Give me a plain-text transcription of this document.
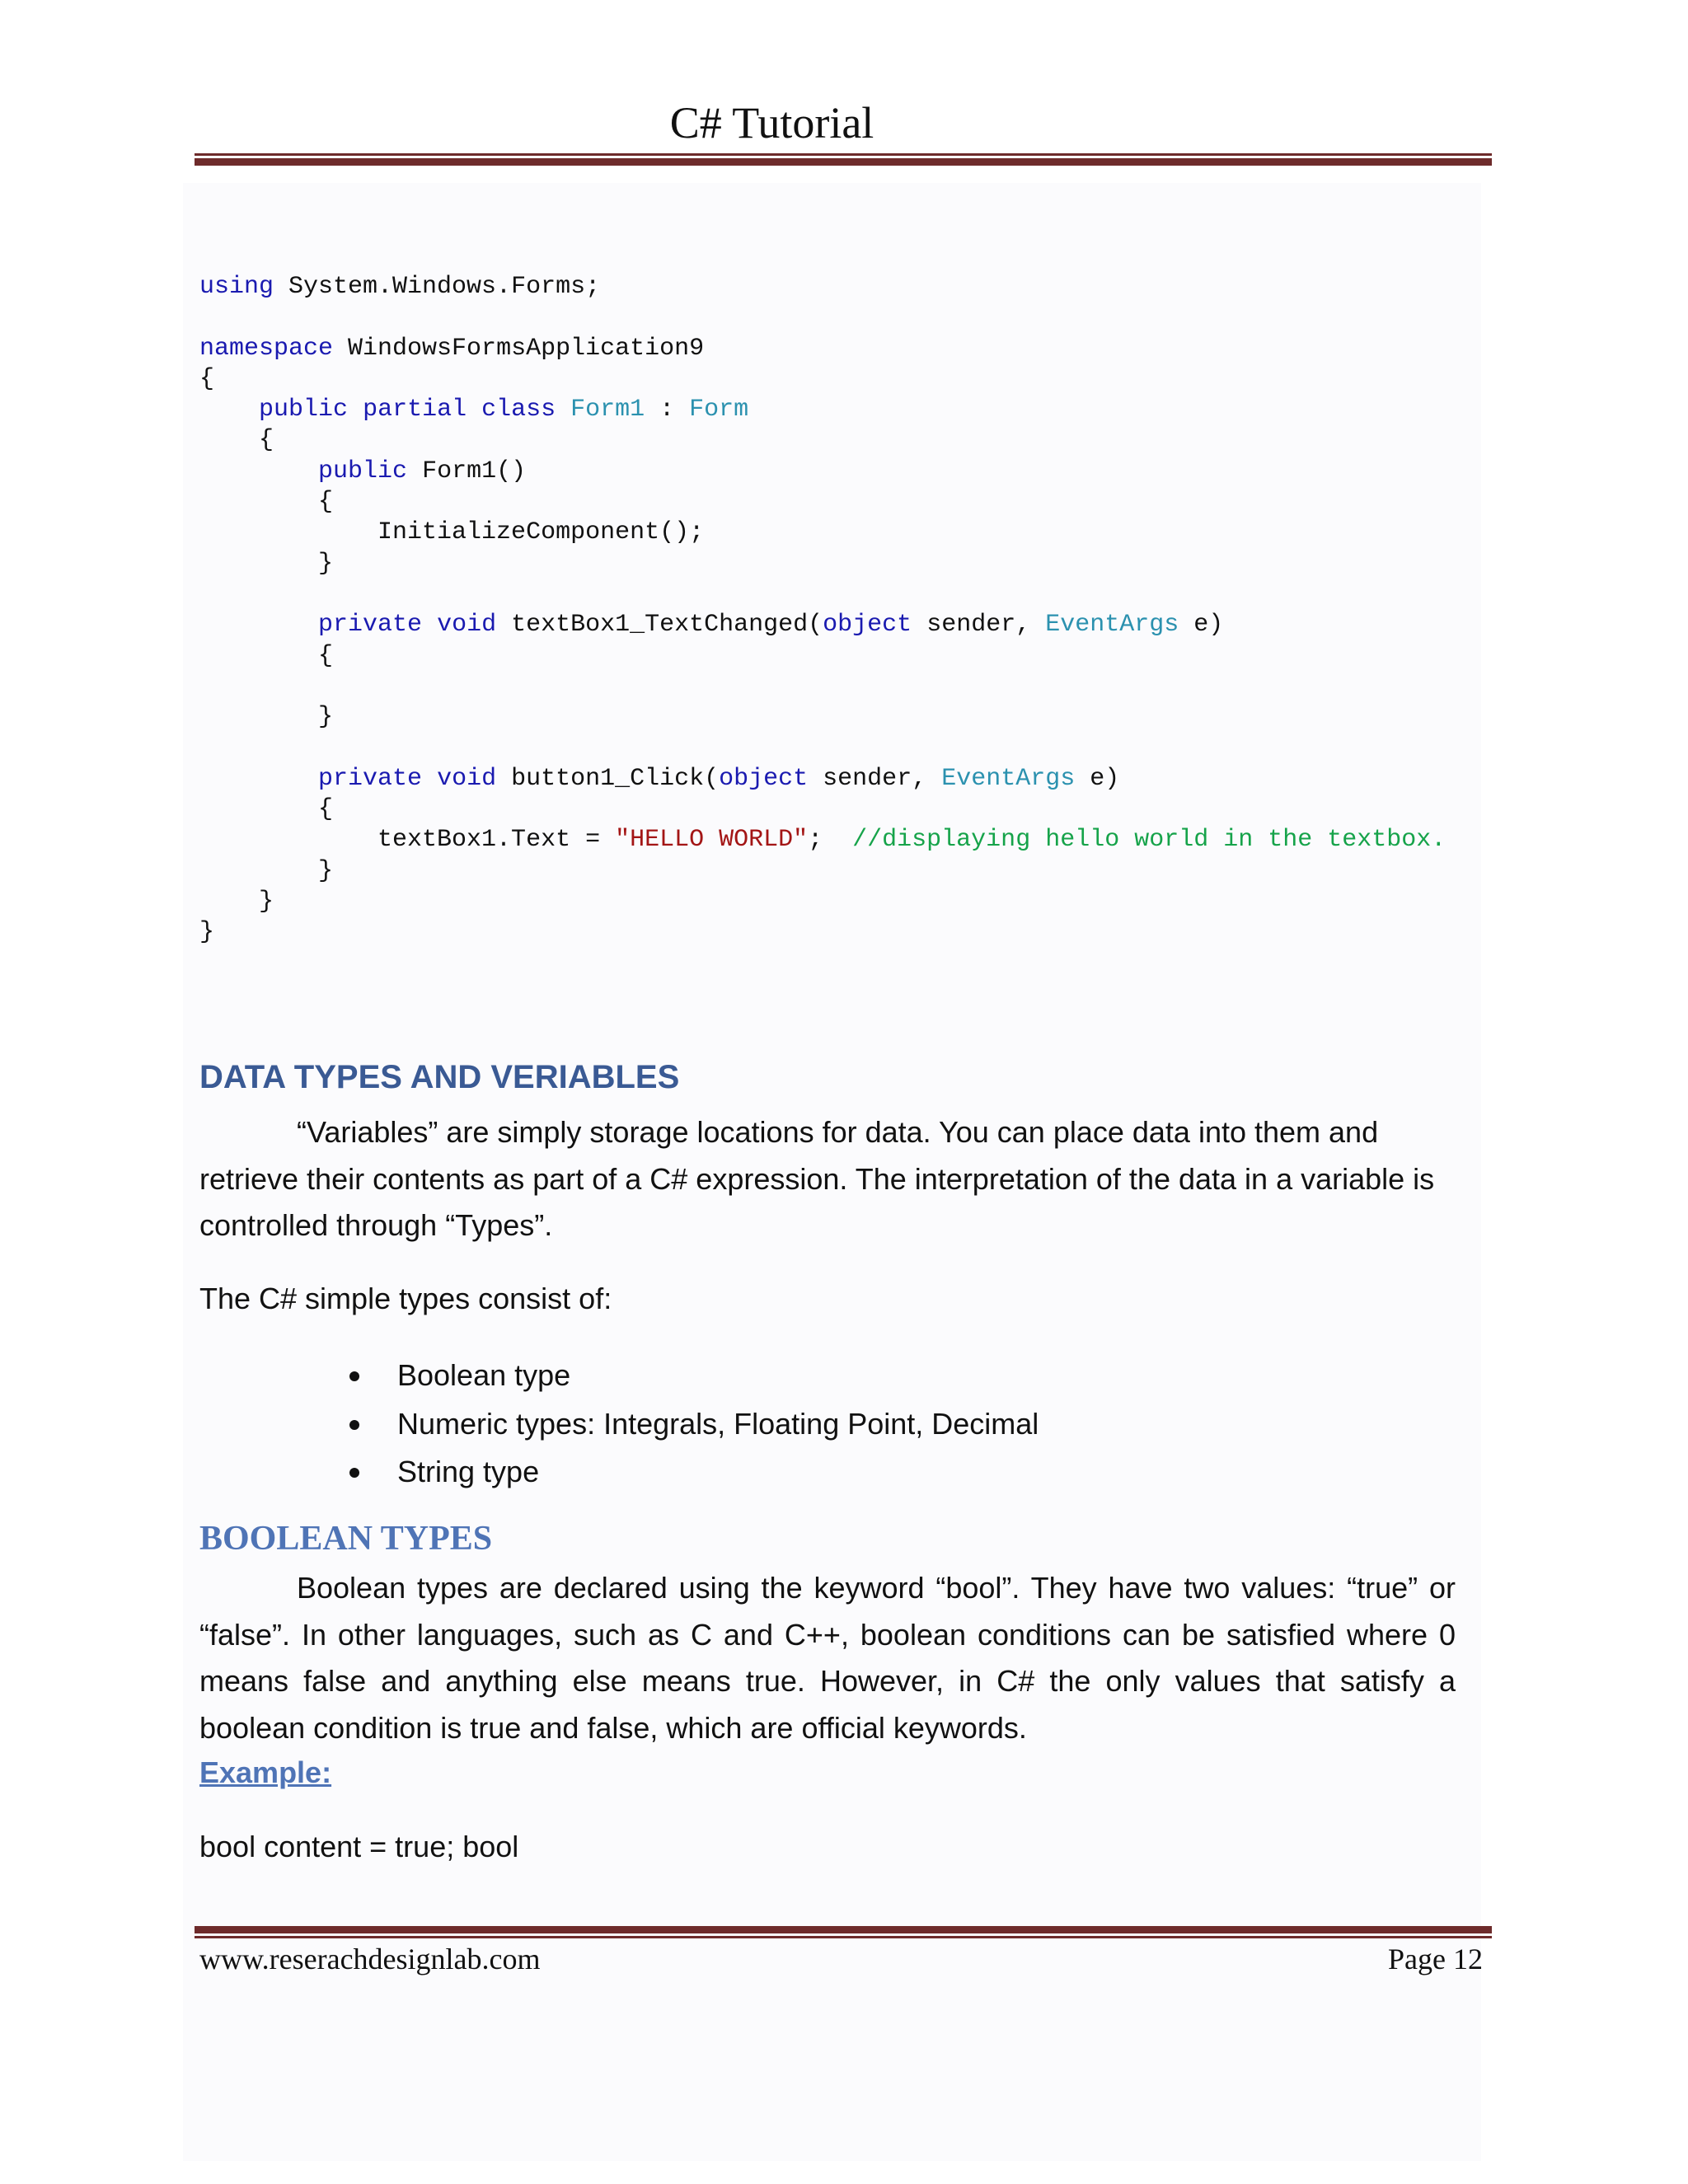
C# Tutorial
using System.Windows.Forms;

namespace WindowsFormsApplication9
{
public partial class Form1 : Form
{
public Form1()
{
InitializeComponent();
}

private void textBox1_TextChanged(object sender, EventArgs e)
{

}

private void button1_Click(object sender, EventArgs e)
{
textBox1.Text = "HELLO WORLD";  //displaying hello world in the textbox.
}
}
}
DATA TYPES AND VERIABLES
“Variables” are simply storage locations for data. You can place data into them and retrieve their contents as part of a C# expression. The interpretation of the data in a variable is controlled through “Types”.
The C# simple types consist of:
Boolean type
Numeric types: Integrals, Floating Point, Decimal
String type
BOOLEAN TYPES
Boolean types are declared using the keyword “bool”. They have two values: “true” or “false”. In other languages, such as C and C++, boolean conditions can be satisfied where 0 means false and anything else means true. However, in C# the only values that satisfy a boolean condition is true and false, which are official keywords.
Example:
bool content = true; bool
www.reserachdesignlab.com	Page 12
